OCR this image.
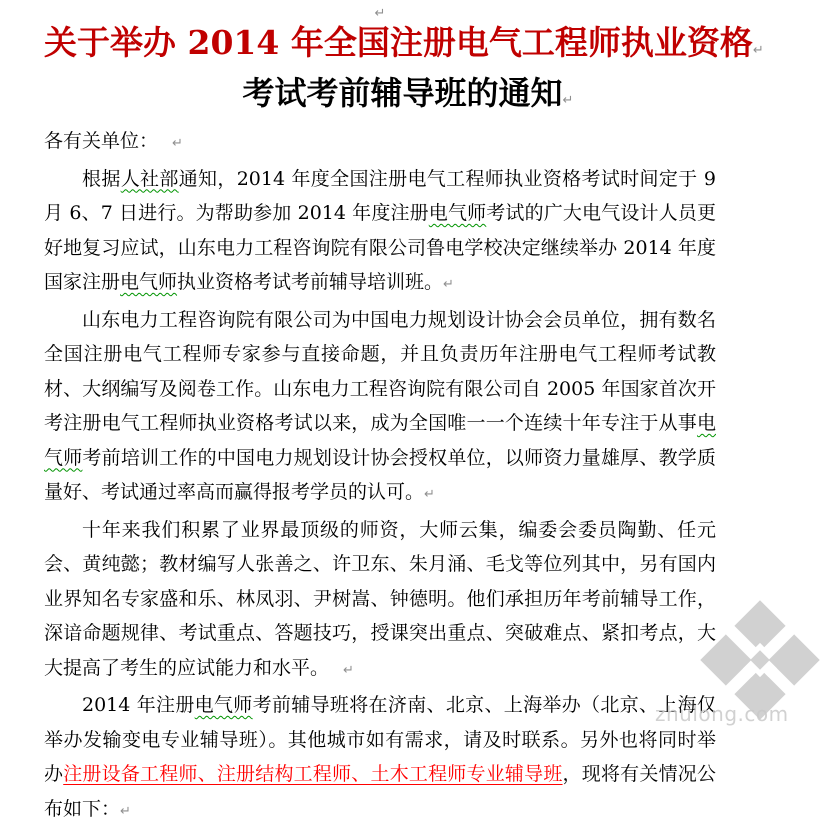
↵
关于举办 2014 年全国注册电气工程师执业资格↵
考试考前辅导班的通知↵

各有关单位： ↵

根据人社部通知，2014 年度全国注册电气工程师执业资格考试时间定于 9 月 6、7 日进行。为帮助参加 2014 年度注册电气师考试的广大电气设计人员更好地复习应试，山东电力工程咨询院有限公司鲁电学校决定继续举办 2014 年度国家注册电气师执业资格考试考前辅导培训班。↵

山东电力工程咨询院有限公司为中国电力规划设计协会会员单位，拥有数名全国注册电气工程师专家参与直接命题，并且负责历年注册电气工程师考试教材、大纲编写及阅卷工作。山东电力工程咨询院有限公司自 2005 年国家首次开考注册电气工程师执业资格考试以来，成为全国唯一一个连续十年专注于从事电气师考前培训工作的中国电力规划设计协会授权单位，以师资力量雄厚、教学质量好、考试通过率高而赢得报考学员的认可。↵

十年来我们积累了业界最顶级的师资，大师云集，编委会委员陶勤、任元会、黄纯懿；教材编写人张善之、许卫东、朱月涌、毛戈等位列其中，另有国内业界知名专家盛和乐、林凤羽、尹树嵩、钟德明。他们承担历年考前辅导工作，深谙命题规律、考试重点、答题技巧，授课突出重点、突破难点、紧扣考点，大大提高了考生的应试能力和水平。 ↵

2014 年注册电气师考前辅导班将在济南、北京、上海举办（北京、上海仅举办发输变电专业辅导班）。其他城市如有需求，请及时联系。另外也将同时举办注册设备工程师、注册结构工程师、土木工程师专业辅导班，现将有关情况公布如下：↵

zhulong.com
